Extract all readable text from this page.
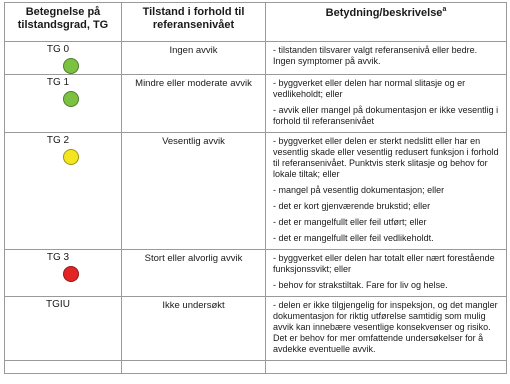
Betegnelse på tilstandsgrad, TG	Tilstand i forhold til referansenivået	Betydning/beskrivelse$^a$

TG 0	Ingen avvik	- tilstanden tilsvarer valgt referansenivå eller bedre. Ingen symptomer på avvik.

TG 1	Mindre eller moderate avvik	- byggverket eller delen har normal slitasje og er vedlikeholdt; eller

- avvik eller mangel på dokumentasjon er ikke vesentlig i forhold til referansenivået

TG 2	Vesentlig avvik	- byggverket eller delen er sterkt nedslitt eller har en vesentlig skade eller vesentlig redusert funksjon i forhold til referansenivået. Punktvis sterk slitasje og behov for lokale tiltak; eller

- mangel på vesentlig dokumentasjon; eller

- det er kort gjenværende brukstid; eller

- det er mangelfullt eller feil utført; eller

- det er mangelfullt eller feil vedlikeholdt.

TG 3	Stort eller alvorlig avvik	- byggverket eller delen har totalt eller nært forestående funksjonssvikt; eller

- behov for strakstiltak. Fare for liv og helse.

TGIU	Ikke undersøkt	- delen er ikke tilgjengelig for inspeksjon, og det mangler dokumentasjon for riktig utførelse samtidig som mulig avvik kan innebære vesentlige konsekvenser og risiko. Det er behov for mer omfattende undersøkelser for å avdekke eventuelle avvik.
